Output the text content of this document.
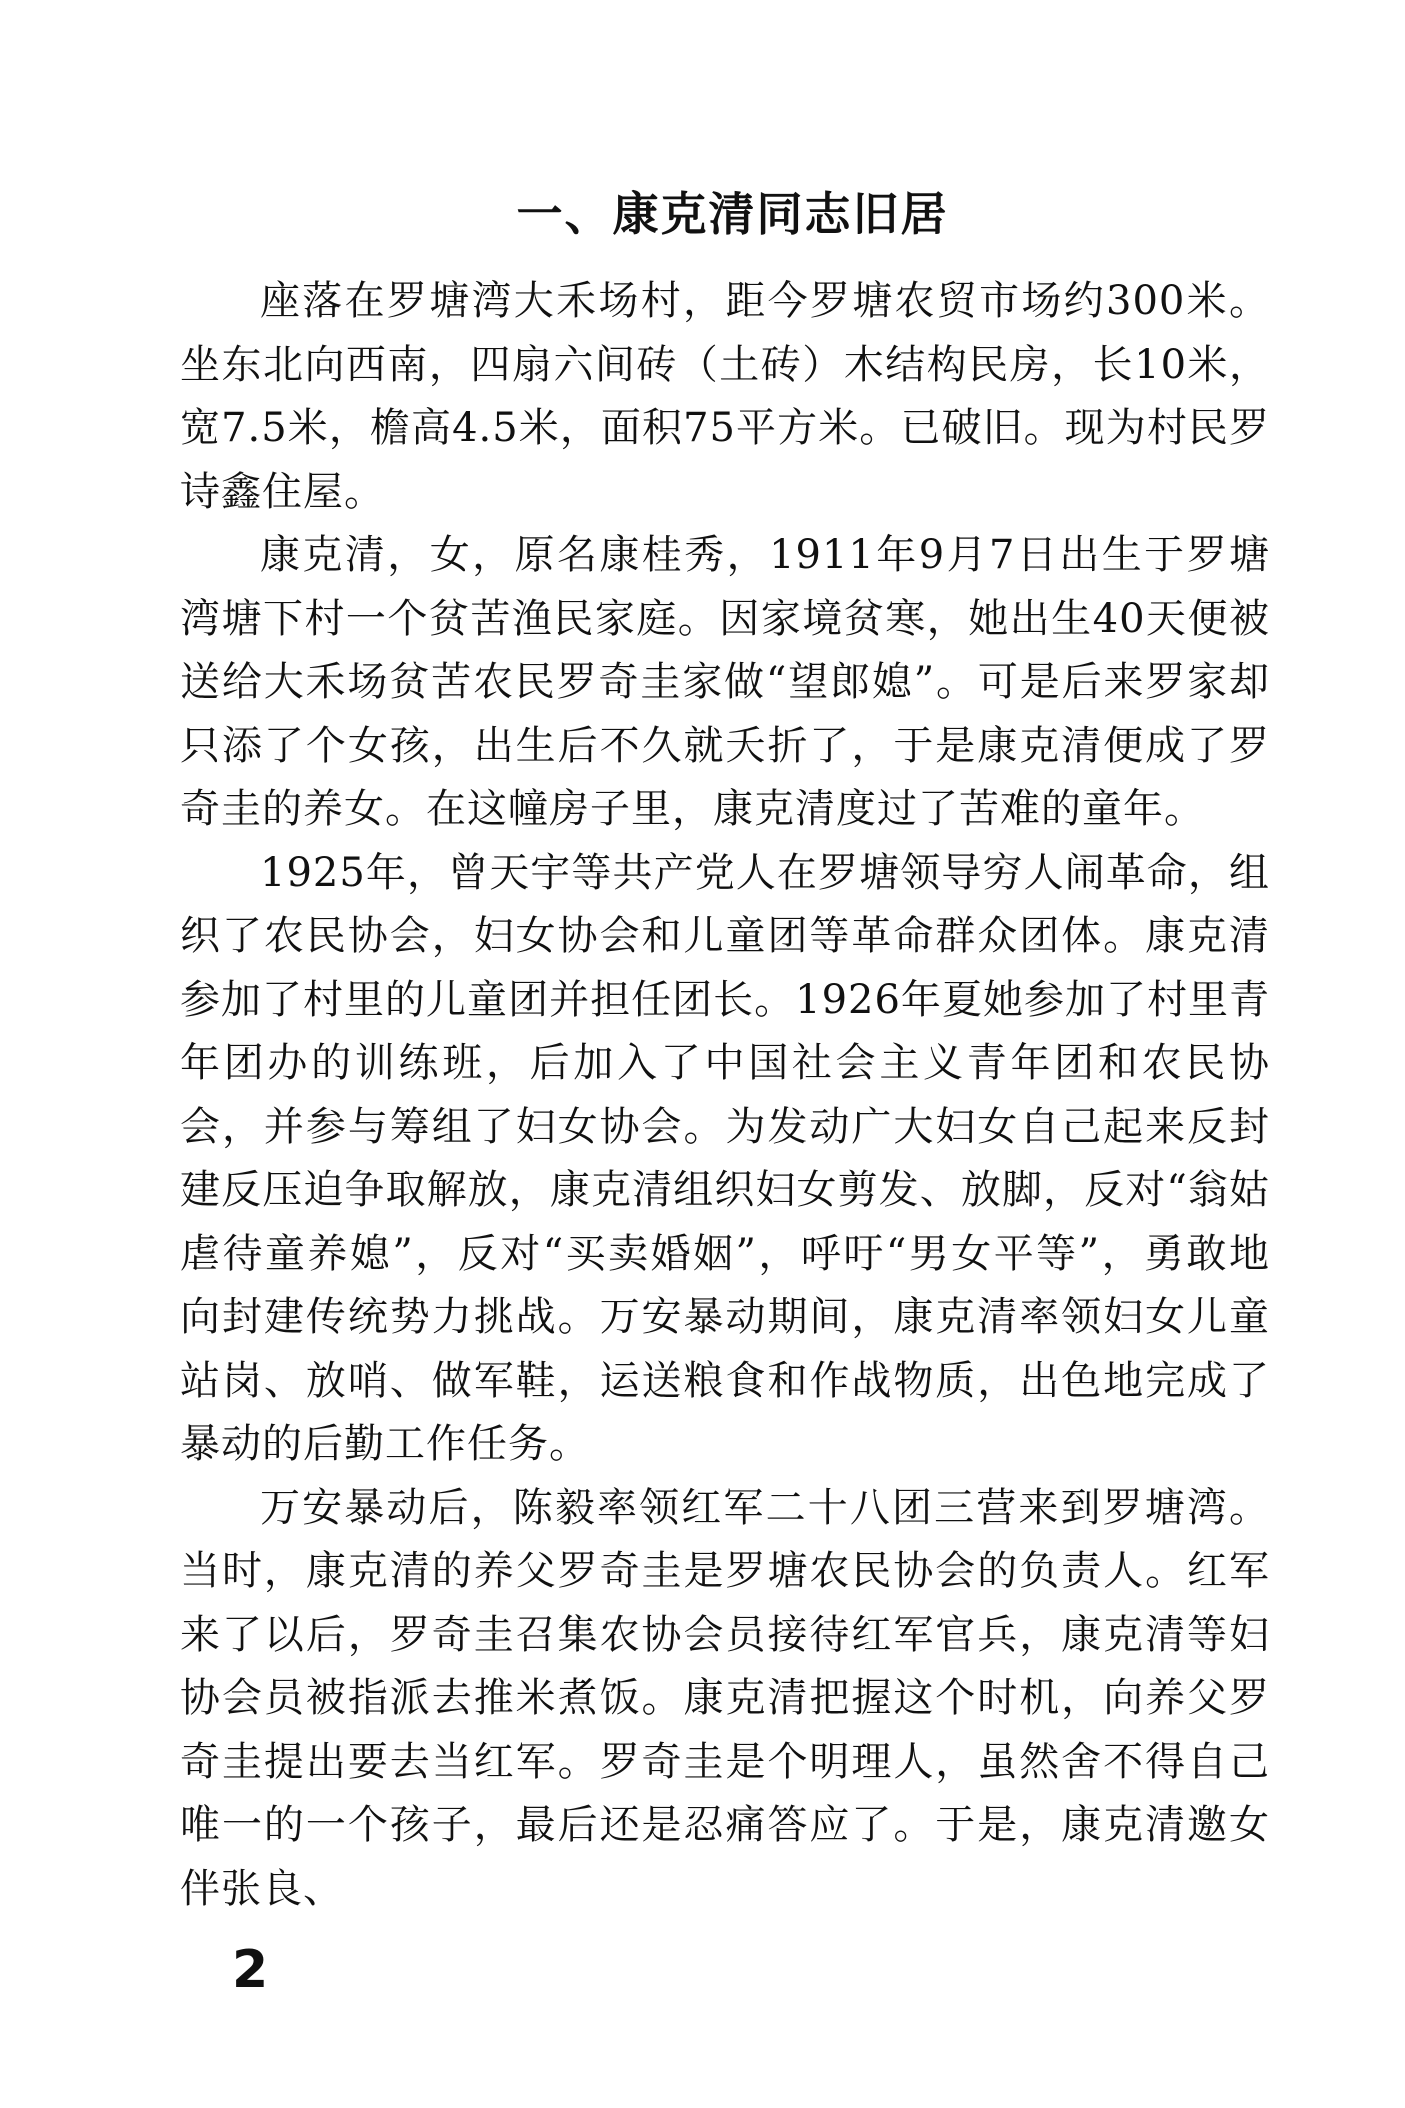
一、康克清同志旧居

座落在罗塘湾大禾场村，距今罗塘农贸市场约300米。坐东北向西南，四扇六间砖（土砖）木结构民房，长10米，宽7.5米，檐高4.5米，面积75平方米。已破旧。现为村民罗诗鑫住屋。

康克清，女，原名康桂秀，1911年9月7日出生于罗塘湾塘下村一个贫苦渔民家庭。因家境贫寒，她出生40天便被送给大禾场贫苦农民罗奇圭家做“望郎媳”。可是后来罗家却只添了个女孩，出生后不久就夭折了，于是康克清便成了罗奇圭的养女。在这幢房子里，康克清度过了苦难的童年。

1925年，曾天宇等共产党人在罗塘领导穷人闹革命，组织了农民协会，妇女协会和儿童团等革命群众团体。康克清参加了村里的儿童团并担任团长。1926年夏她参加了村里青年团办的训练班，后加入了中国社会主义青年团和农民协会，并参与筹组了妇女协会。为发动广大妇女自己起来反封建反压迫争取解放，康克清组织妇女剪发、放脚，反对“翁姑虐待童养媳”，反对“买卖婚姻”，呼吁“男女平等”，勇敢地向封建传统势力挑战。万安暴动期间，康克清率领妇女儿童站岗、放哨、做军鞋，运送粮食和作战物质，出色地完成了暴动的后勤工作任务。

万安暴动后，陈毅率领红军二十八团三营来到罗塘湾。当时，康克清的养父罗奇圭是罗塘农民协会的负责人。红军来了以后，罗奇圭召集农协会员接待红军官兵，康克清等妇协会员被指派去推米煮饭。康克清把握这个时机，向养父罗奇圭提出要去当红军。罗奇圭是个明理人，虽然舍不得自己唯一的一个孩子，最后还是忍痛答应了。于是，康克清邀女伴张良、

2
